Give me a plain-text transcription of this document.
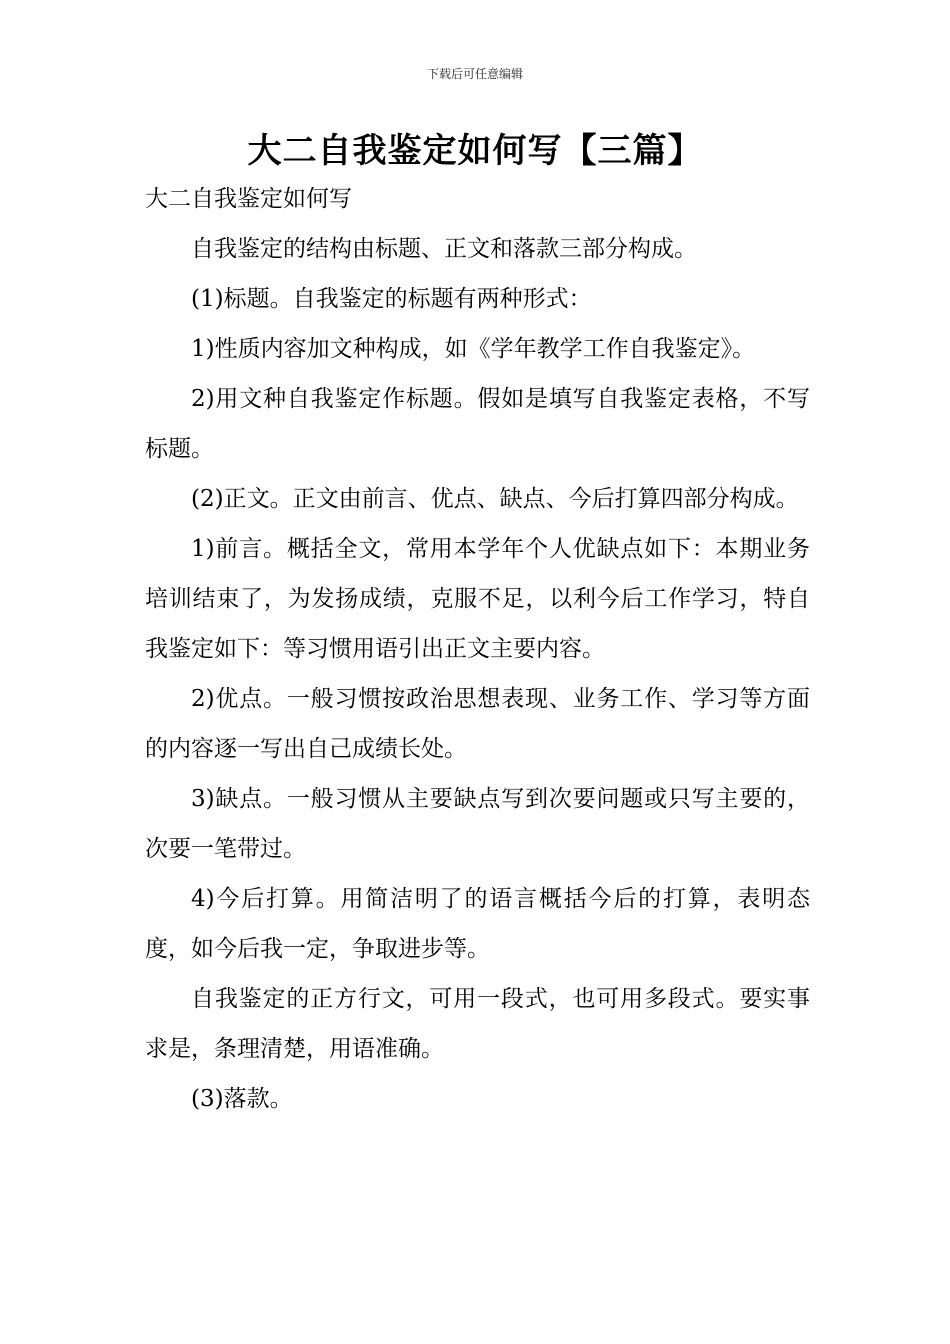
下载后可任意编辑
大二自我鉴定如何写【三篇】

大二自我鉴定如何写

自我鉴定的结构由标题、正文和落款三部分构成。

(1)标题。自我鉴定的标题有两种形式：

1)性质内容加文种构成，如《学年教学工作自我鉴定》。

2)用文种自我鉴定作标题。假如是填写自我鉴定表格，不写标题。

(2)正文。正文由前言、优点、缺点、今后打算四部分构成。

1)前言。概括全文，常用本学年个人优缺点如下：本期业务培训结束了，为发扬成绩，克服不足，以利今后工作学习，特自我鉴定如下：等习惯用语引出正文主要内容。

2)优点。一般习惯按政治思想表现、业务工作、学习等方面的内容逐一写出自己成绩长处。

3)缺点。一般习惯从主要缺点写到次要问题或只写主要的，次要一笔带过。

4)今后打算。用简洁明了的语言概括今后的打算，表明态度，如今后我一定，争取进步等。

自我鉴定的正方行文，可用一段式，也可用多段式。要实事求是，条理清楚，用语准确。

(3)落款。
